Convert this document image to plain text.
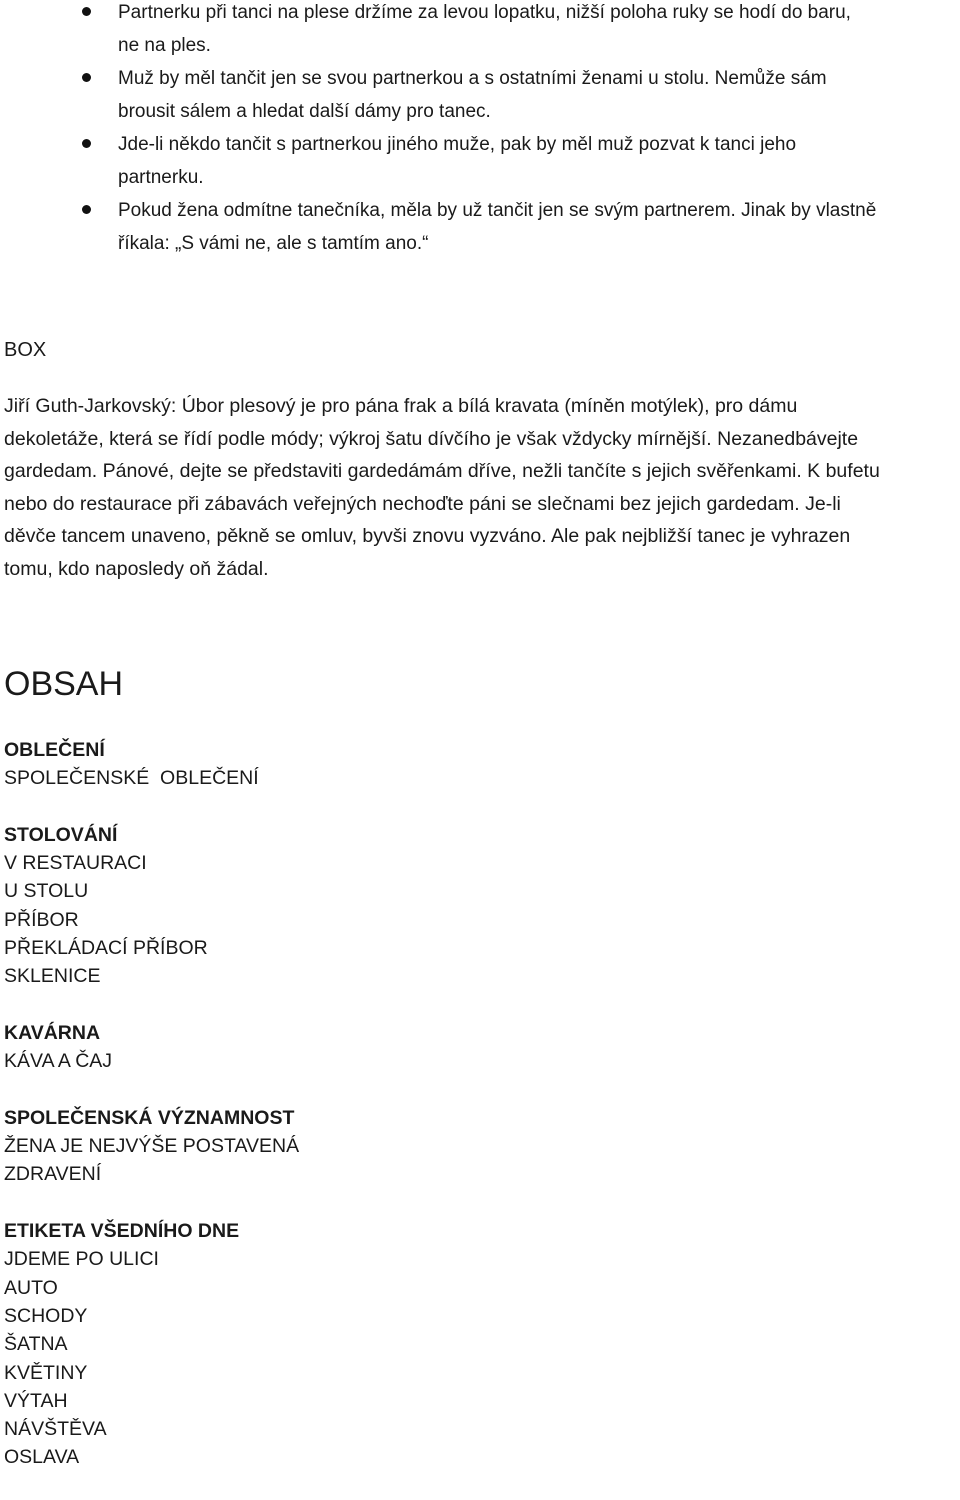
Partnerku při tanci na plese držíme za levou lopatku, nižší poloha ruky se hodí do baru,
ne na ples.
Muž by měl tančit jen se svou partnerkou a s ostatními ženami u stolu. Nemůže sám
brousit sálem a hledat další dámy pro tanec.
Jde-li někdo tančit s partnerkou jiného muže, pak by měl muž pozvat k tanci jeho
partnerku.
Pokud žena odmítne tanečníka, měla by už tančit jen se svým partnerem. Jinak by vlastně
říkala: „S vámi ne, ale s tamtím ano.“
BOX

Jiří Guth-Jarkovský: Úbor plesový je pro pána frak a bílá kravata (míněn motýlek), pro dámu
dekoletáže, která se řídí podle módy; výkroj šatu dívčího je však vždycky mírnější. Nezanedbávejte
gardedam. Pánové, dejte se představiti gardedámám dříve, nežli tančíte s jejich svěřenkami. K bufetu
nebo do restaurace při zábavách veřejných nechoďte páni se slečnami bez jejich gardedam. Je-li
děvče tancem unaveno, pěkně se omluv, byvši znovu vyzváno. Ale pak nejbližší tanec je vyhrazen
tomu, kdo naposledy oň žádal.

OBSAH
OBLEČENÍ
SPOLEČENSKÉ  OBLEČENÍ
STOLOVÁNÍ
V RESTAURACI
U STOLU
PŘÍBOR
PŘEKLÁDACÍ PŘÍBOR
SKLENICE
KAVÁRNA
KÁVA A ČAJ
SPOLEČENSKÁ VÝZNAMNOST
ŽENA JE NEJVÝŠE POSTAVENÁ
ZDRAVENÍ
ETIKETA VŠEDNÍHO DNE
JDEME PO ULICI
AUTO
SCHODY
ŠATNA
KVĚTINY
VÝTAH
NÁVŠTĚVA
OSLAVA
